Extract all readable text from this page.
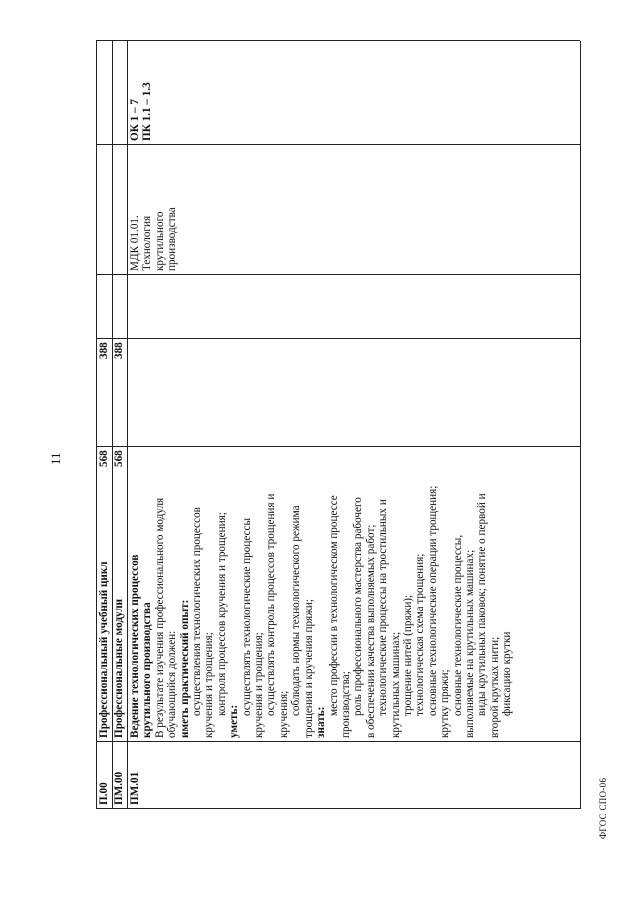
П.00
Профессиональный учебный цикл
568
388
ПМ.00
Профессиональные модули
568
388
ПМ.01
Ведение технологических процессов крутильного производства В результате изучения профессионального модуля обучающийся должен: иметь практический опыт: осуществления технологических процессов кручения и трощения; контроля процессов кручения и трощения;
уметь:
осуществлять технологические процессы кручения и трощения; осуществлять контроль процессов трощения и кручения; соблюдать нормы технологического режима трощения и кручения пряжи; знать:
место профессии в технологическом процессе производства; роль профессионального мастерства рабочего в обеспечении качества выполняемых работ; технологические процессы на тростильных и крутильных машинах; трощение нитей (пряжи); технологическая схема трощения; основные технологические операции трощения; крутку пряжи; основные технологические процессы, выполняемые на крутильных машинах; виды крутильных паковок; понятие о первой и второй крутках нити; фиксацию крутки
МДК 01.01. Технология крутильного производства
ОК 1 – 7 ПК 1.1 – 1.3
11
ФГОС СПО-06
